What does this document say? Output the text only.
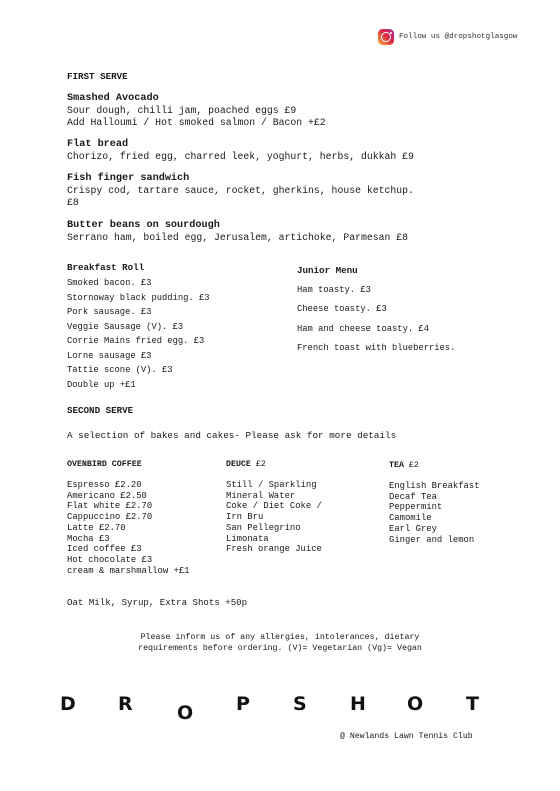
Follow us @dropshotglasgow
FIRST SERVE
Smashed Avocado
Sour dough, chilli jam, poached eggs £9
Add Halloumi / Hot smoked salmon / Bacon +£2
Flat bread
Chorizo, fried egg, charred leek, yoghurt, herbs, dukkah £9
Fish finger sandwich
Crispy cod, tartare sauce, rocket, gherkins, house ketchup.
£8
Butter beans on sourdough
Serrano ham, boiled egg, Jerusalem, artichoke, Parmesan £8
Breakfast Roll
Smoked bacon. £3
Stornoway black pudding. £3
Pork sausage. £3
Veggie Sausage (V). £3
Corrie Mains fried egg. £3
Lorne sausage £3
Tattie scone (V). £3
Double up +£1
Junior Menu
Ham toasty. £3
Cheese toasty. £3
Ham and cheese toasty. £4
French toast with blueberries.
SECOND SERVE
A selection of bakes and cakes- Please ask for more details
OVENBIRD COFFEE
Espresso £2.20
Americano £2.50
Flat white £2.70
Cappuccino £2.70
Latte £2.70
Mocha £3
Iced coffee £3
Hot chocolate £3
cream & marshmallow +£1
DEUCE £2
Still / Sparkling
Mineral Water
Coke / Diet Coke /
Irn Bru
San Pellegrino
Limonata
Fresh orange Juice
TEA £2
English Breakfast
Decaf Tea
Peppermint
Camomile
Earl Grey
Ginger and lemon
Oat Milk, Syrup, Extra Shots +50p
Please inform us of any allergies, intolerances, dietary
requirements before ordering. (V)= Vegetarian (Vg)= Vegan
D R O P S H O T
@ Newlands Lawn Tennis Club
